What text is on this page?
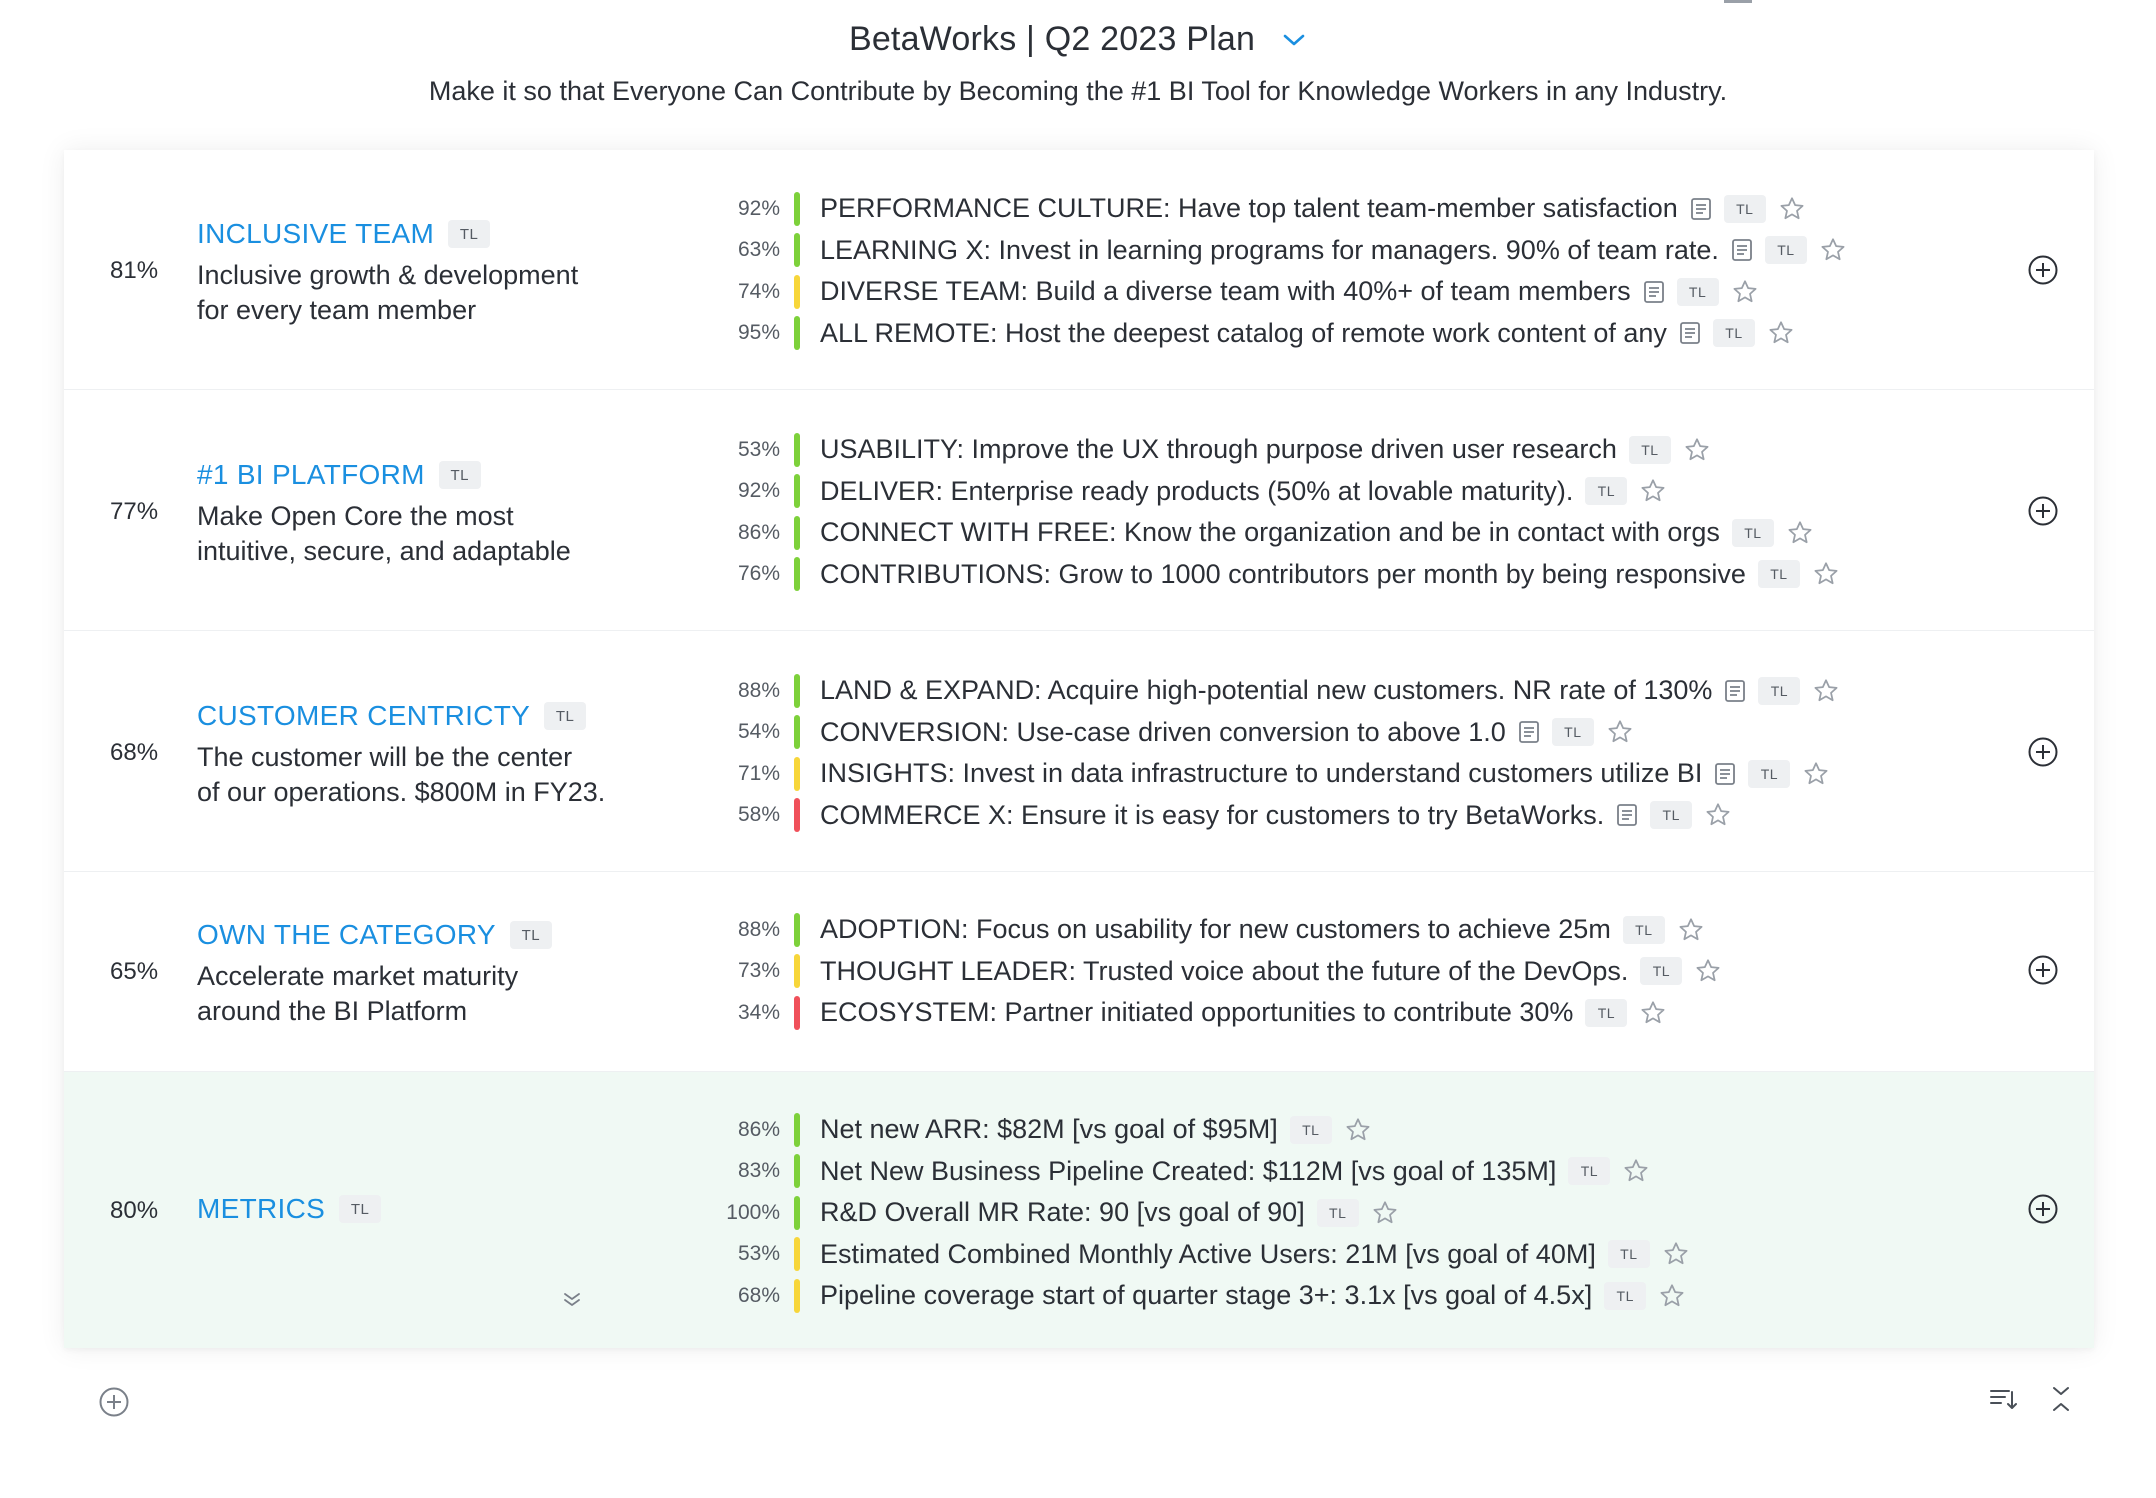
BetaWorks | Q2 2023 Plan
Make it so that Everyone Can Contribute by Becoming the #1 BI Tool for Knowledge Workers in any Industry.
81%
INCLUSIVE TEAM	TL
Inclusive growth & development
for every team member
92%	PERFORMANCE CULTURE: Have top talent team-member satisfaction	TL
63%	LEARNING X: Invest in learning programs for managers. 90% of team rate.	TL
74%	DIVERSE TEAM: Build a diverse team with 40%+ of team members	TL
95%	ALL REMOTE: Host the deepest catalog of remote work content of any	TL
77%
#1 BI PLATFORM	TL
Make Open Core the most
intuitive, secure, and adaptable
53%	USABILITY: Improve the UX through purpose driven user research	TL
92%	DELIVER: Enterprise ready products (50% at lovable maturity).	TL
86%	CONNECT WITH FREE: Know the organization and be in contact with orgs	TL
76%	CONTRIBUTIONS: Grow to 1000 contributors per month by being responsive	TL
68%
CUSTOMER CENTRICTY	TL
The customer will be the center
of our operations. $800M in FY23.
88%	LAND & EXPAND: Acquire high-potential new customers. NR rate of 130%	TL
54%	CONVERSION: Use-case driven conversion to above 1.0	TL
71%	INSIGHTS: Invest in data infrastructure to understand customers utilize BI	TL
58%	COMMERCE X: Ensure it is easy for customers to try BetaWorks.	TL
65%
OWN THE CATEGORY	TL
Accelerate market maturity
around the BI Platform
88%	ADOPTION: Focus on usability for new customers to achieve 25m	TL
73%	THOUGHT LEADER: Trusted voice about the future of the DevOps.	TL
34%	ECOSYSTEM: Partner initiated opportunities to contribute 30%	TL
80% METRICS	TL
86%	Net new ARR: $82M [vs goal of $95M]	TL
83%	Net New Business Pipeline Created: $112M [vs goal of 135M]	TL
100%	R&D Overall MR Rate: 90 [vs goal of 90]	TL
53%	Estimated Combined Monthly Active Users: 21M [vs goal of 40M]	TL
68%	Pipeline coverage start of quarter stage 3+: 3.1x [vs goal of 4.5x]	TL
